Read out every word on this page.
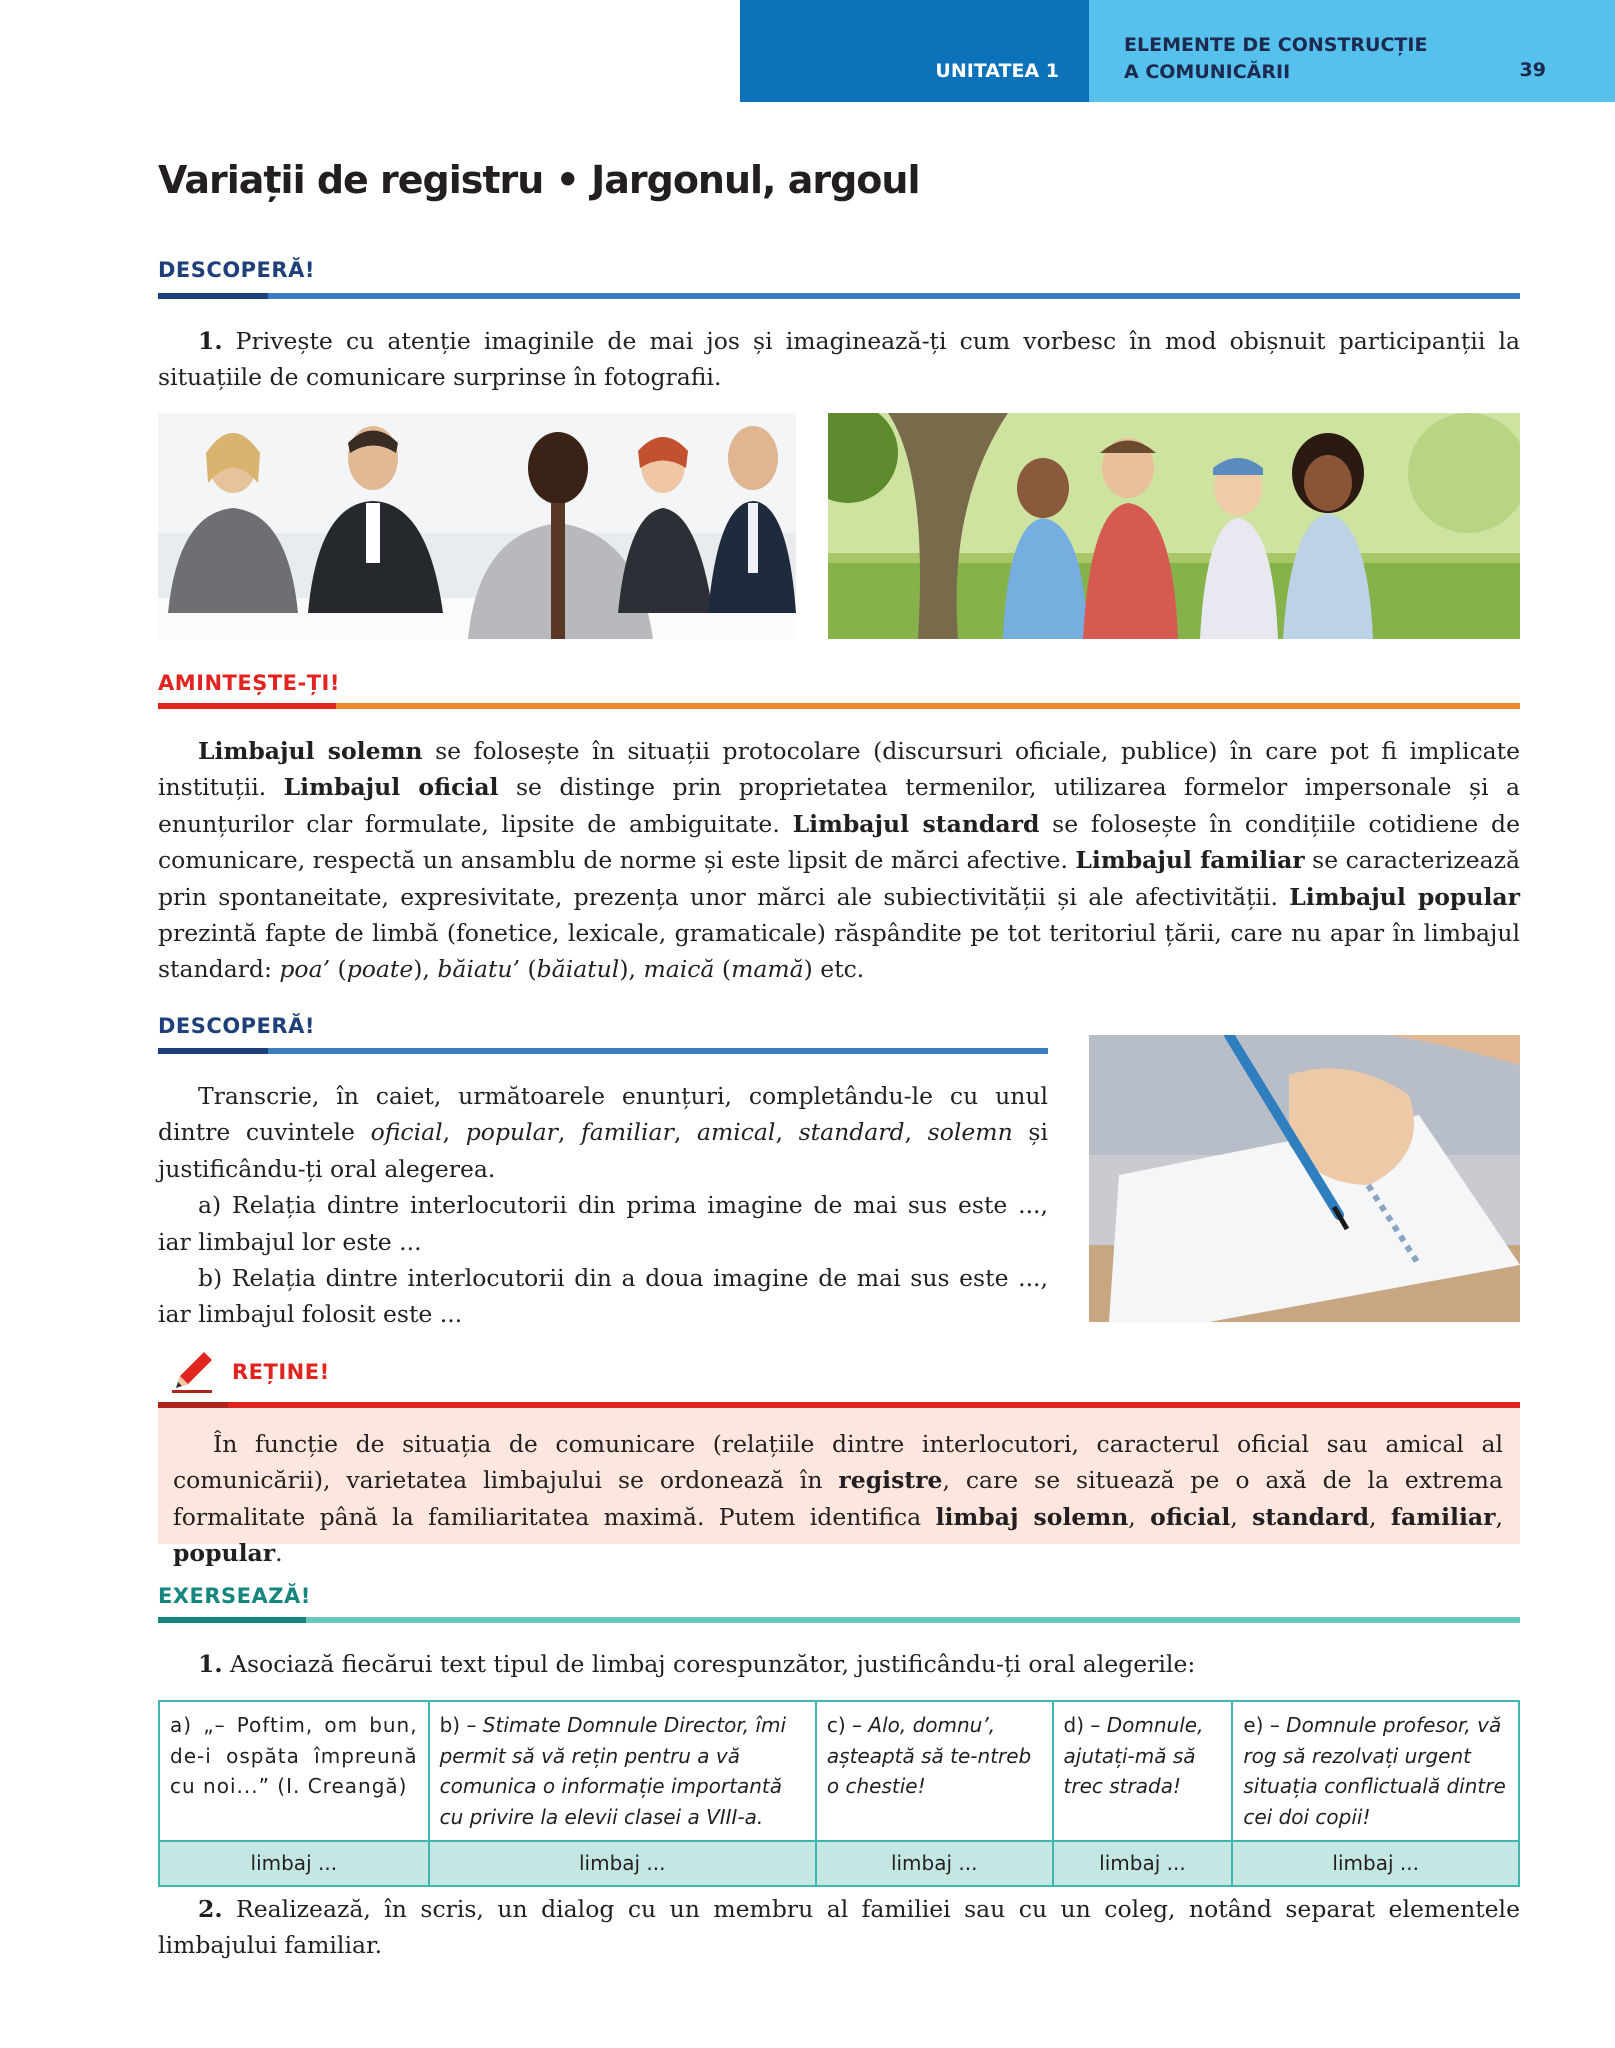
UNITATEA 1
ELEMENTE DE CONSTRUCȚIE
A COMUNICĂRII	39
Variații de registru • Jargonul, argoul
DESCOPERĂ!

1. Privește cu atenție imaginile de mai jos și imaginează-ți cum vorbesc în mod obișnuit participanții la situațiile de comunicare surprinse în fotografii.

AMINTEȘTE-ȚI!

Limbajul solemn se folosește în situații protocolare (discursuri oficiale, publice) în care pot fi implicate instituții. Limbajul oficial se distinge prin proprietatea termenilor, utilizarea formelor impersonale și a enunțurilor clar formulate, lipsite de ambiguitate. Limbajul standard se folosește în condițiile cotidiene de comunicare, respectă un ansamblu de norme și este lipsit de mărci afective. Limbajul familiar se caracterizează prin spontaneitate, expresivitate, prezența unor mărci ale subiectivității și ale afectivității. Limbajul popular prezintă fapte de limbă (fonetice, lexicale, gramaticale) răspândite pe tot teritoriul țării, care nu apar în limbajul standard: poa’ (poate), băiatu’ (băiatul), maică (mamă) etc.

DESCOPERĂ!

Transcrie, în caiet, următoarele enunțuri, completându-le cu unul dintre cuvintele oficial, popular, familiar, amical, standard, solemn și justificându-ți oral alegerea.

a) Relația dintre interlocutorii din prima imagine de mai sus este ..., iar limbajul lor este ...

b) Relația dintre interlocutorii din a doua imagine de mai sus este ..., iar limbajul folosit este ...

REȚINE!

În funcție de situația de comunicare (relațiile dintre interlocutori, caracterul oficial sau amical al comunicării), varietatea limbajului se ordonează în registre, care se situează pe o axă de la extrema formalitate până la familiaritatea maximă. Putem identifica limbaj solemn, oficial, standard, familiar, popular.

EXERSEAZĂ!

1. Asociază fiecărui text tipul de limbaj corespunzător, justificându-ți oral alegerile:

a) „– Poftim, om bun, de-i ospăta împreună cu noi...” (I. Creangă)	b) – Stimate Domnule Director, îmi permit să vă rețin pentru a vă comunica o informație importantă cu privire la elevii clasei a VIII-a.	c) – Alo, domnu’, așteaptă să te-ntreb o chestie!	d) – Domnule, ajutați-mă să trec strada!	e) – Domnule profesor, vă rog să rezolvați urgent situația conflictuală dintre cei doi copii!
limbaj ...	limbaj ...	limbaj ...	limbaj ...	limbaj ...

2. Realizează, în scris, un dialog cu un membru al familiei sau cu un coleg, notând separat elementele limbajului familiar.
